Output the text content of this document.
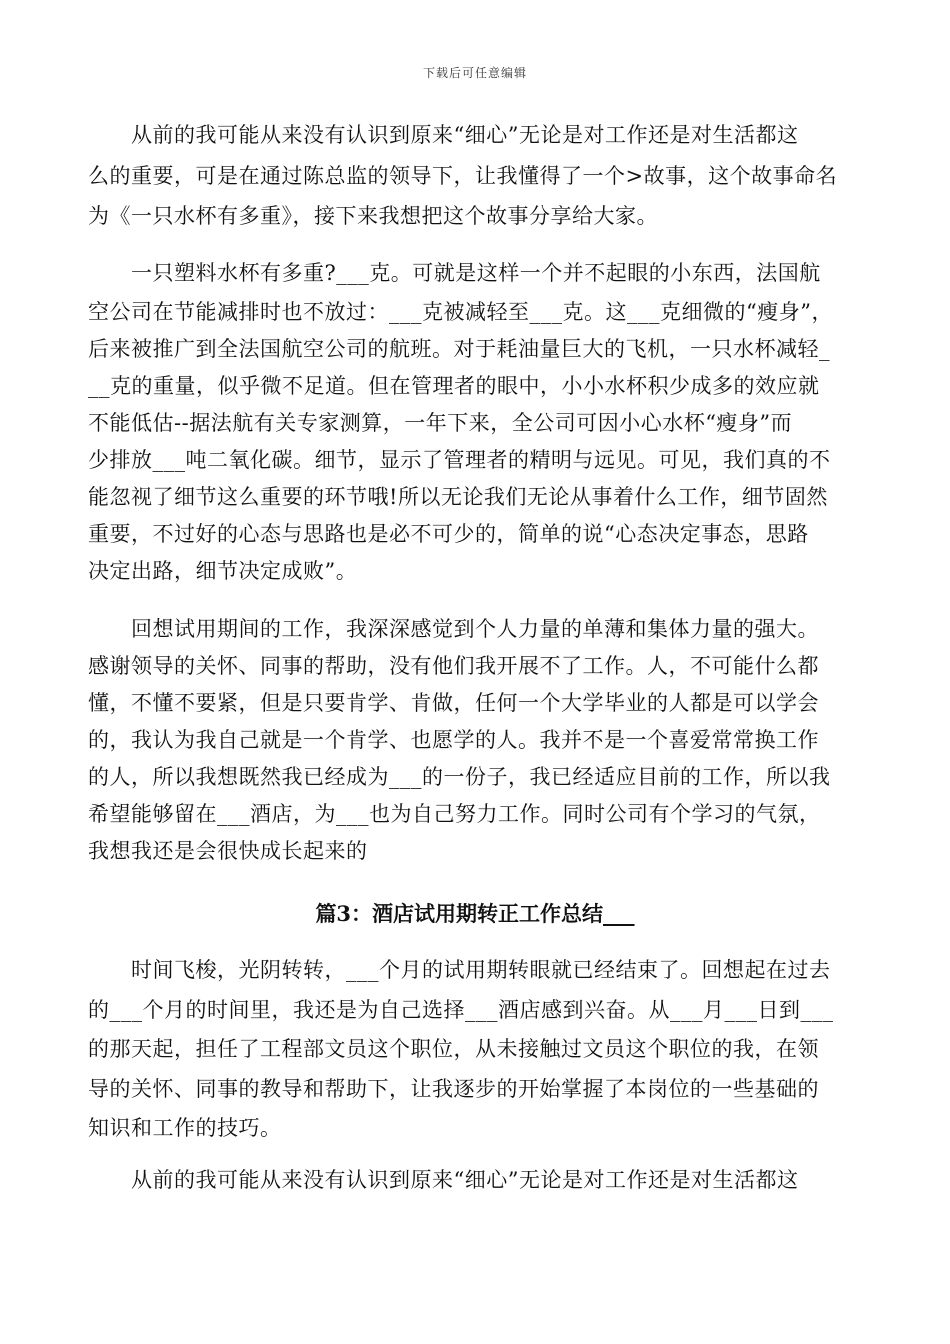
下载后可任意编辑
　　从前的我可能从来没有认识到原来“细心”无论是对工作还是对生活都这
么的重要，可是在通过陈总监的领导下，让我懂得了一个>故事，这个故事命名
为《一只水杯有多重》，接下来我想把这个故事分享给大家。
　　一只塑料水杯有多重?___克。可就是这样一个并不起眼的小东西，法国航
空公司在节能减排时也不放过：___克被减轻至___克。这___克细微的“瘦身”，
后来被推广到全法国航空公司的航班。对于耗油量巨大的飞机，一只水杯减轻_
__克的重量，似乎微不足道。但在管理者的眼中，小小水杯积少成多的效应就
不能低估--据法航有关专家测算，一年下来，全公司可因小心水杯“瘦身”而
少排放___吨二氧化碳。细节，显示了管理者的精明与远见。可见，我们真的不
能忽视了细节这么重要的环节哦!所以无论我们无论从事着什么工作，细节固然
重要，不过好的心态与思路也是必不可少的，简单的说“心态决定事态，思路
决定出路，细节决定成败”。
　　回想试用期间的工作，我深深感觉到个人力量的单薄和集体力量的强大。
感谢领导的关怀、同事的帮助，没有他们我开展不了工作。人，不可能什么都
懂，不懂不要紧，但是只要肯学、肯做，任何一个大学毕业的人都是可以学会
的，我认为我自己就是一个肯学、也愿学的人。我并不是一个喜爱常常换工作
的人，所以我想既然我已经成为___的一份子，我已经适应目前的工作，所以我
希望能够留在___酒店，为___也为自己努力工作。同时公司有个学习的气氛，
我想我还是会很快成长起来的
篇3：酒店试用期转正工作总结___
　　时间飞梭，光阴转转，___个月的试用期转眼就已经结束了。回想起在过去
的___个月的时间里，我还是为自己选择___酒店感到兴奋。从___月___日到___
的那天起，担任了工程部文员这个职位，从未接触过文员这个职位的我，在领
导的关怀、同事的教导和帮助下，让我逐步的开始掌握了本岗位的一些基础的
知识和工作的技巧。
　　从前的我可能从来没有认识到原来“细心”无论是对工作还是对生活都这
